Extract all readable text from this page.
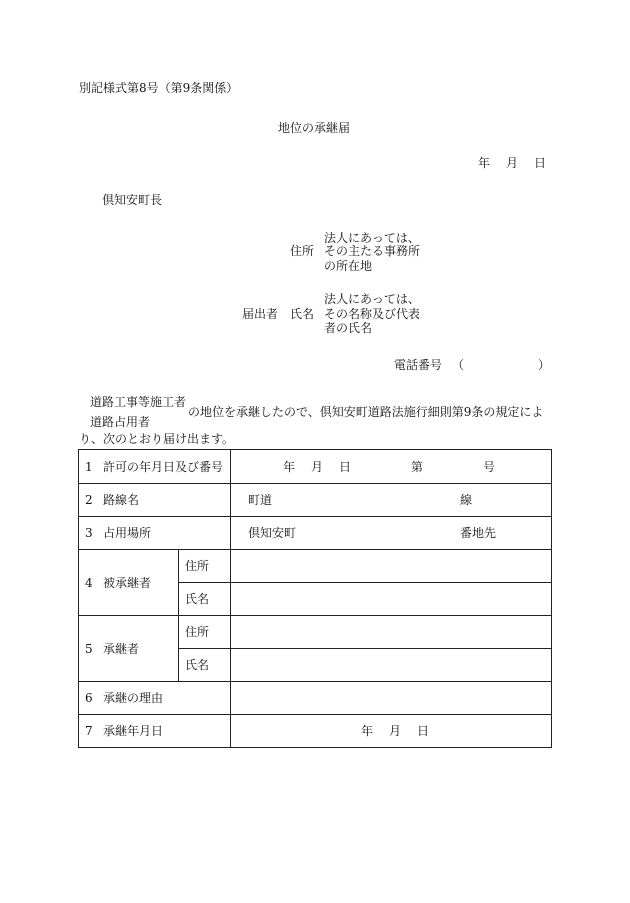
別記様式第8号（第9条関係）
地位の承継届
年　月　日
倶知安町長
法人にあっては、
住所 その主たる事務所
の所在地
法人にあっては、
届出者 氏名 その名称及び代表
者の氏名
電話番号 （	）
道路工事等施工者
道路占用者
の地位を承継したので、倶知安町道路法施行細則第9条の規定によ
り、次のとおり届け出ます。
1 許可の年月日及び番号		年　月　日 第 号

2 路線名		町道 線

3 占用場所		倶知安町 番地先

4 被承継者	住所	
	氏名	
5 承継者	住所	
	氏名	
6 承継の理由		
7 承継年月日		年　月　日
